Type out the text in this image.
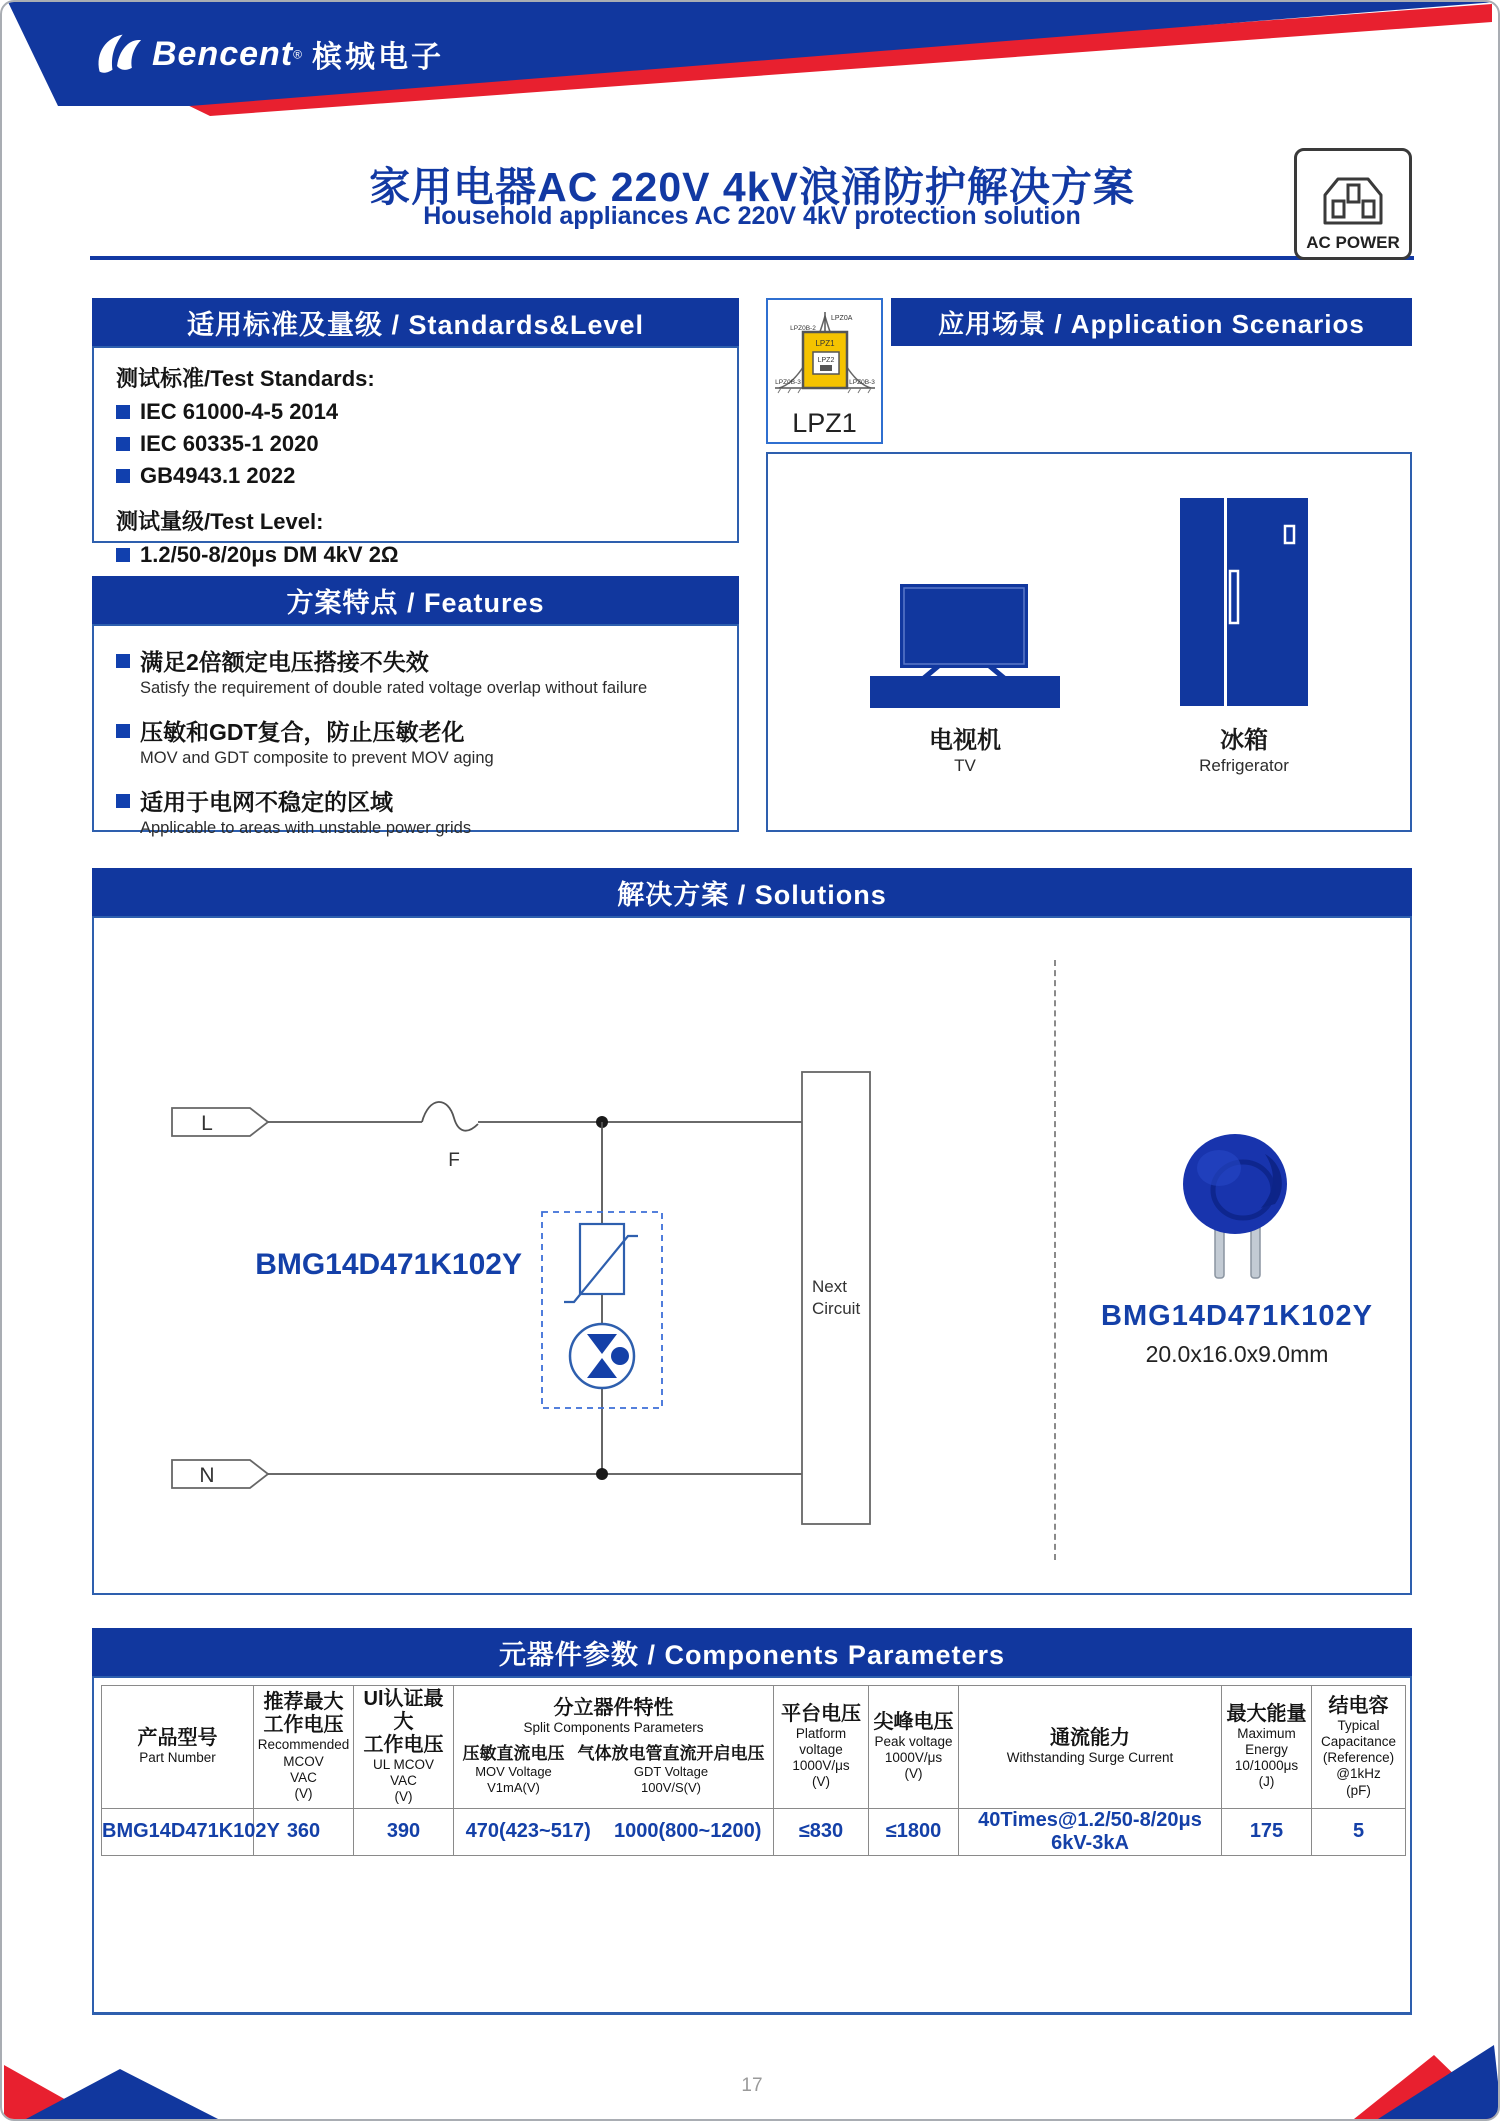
Bencent® 槟城电子
家用电器AC 220V 4kV浪涌防护解决方案
Household appliances AC 220V 4kV protection solution
AC POWER
适用标准及量级 / Standards&Level
测试标准/Test Standards:
IEC 61000-4-5 2014
IEC 60335-1 2020
GB4943.1 2022
测试量级/Test Level:
1.2/50-8/20μs DM 4kV 2Ω
方案特点 / Features
满足2倍额定电压搭接不失效
Satisfy the requirement of double rated voltage overlap without failure
压敏和GDT复合，防止压敏老化
MOV and GDT composite to prevent MOV aging
适用于电网不稳定的区域
Applicable to areas with unstable power grids
LPZ1
LPZ2
LPZ0A
LPZ0B-2
LPZ0B-3	LPZ0B-3
LPZ1
应用场景 / Application Scenarios
电视机
TV
冰箱
Refrigerator
解决方案 / Solutions
L
F
BMG14D471K102Y
N
Next
Circuit	BMG14D471K102Y
20.0x16.0x9.0mm
元器件参数 / Components Parameters
产品型号
Part Number

推荐最大
工作电压
Recommended MCOV
VAC
(V)

Ul认证最大
工作电压
UL MCOV
VAC
(V)

分立器件特性
Split Components Parameters
压敏直流电压
MOV Voltage
V1mA(V)
气体放电管直流开启电压
GDT Voltage
100V/S(V)

平台电压
Platform voltage
1000V/μs
(V)

尖峰电压
Peak voltage
1000V/μs
(V)

通流能力
Withstanding Surge Current

最大能量
Maximum
Energy
10/1000μs
(J)

结电容
Typical
Capacitance
(Reference)
@1kHz
(pF)

BMG14D471K102Y	360	390	470(423~517) 1000(800~1200)	≤830	≤1800	40Times@1.2/50-8/20μs 6kV-3kA	175	5
17
